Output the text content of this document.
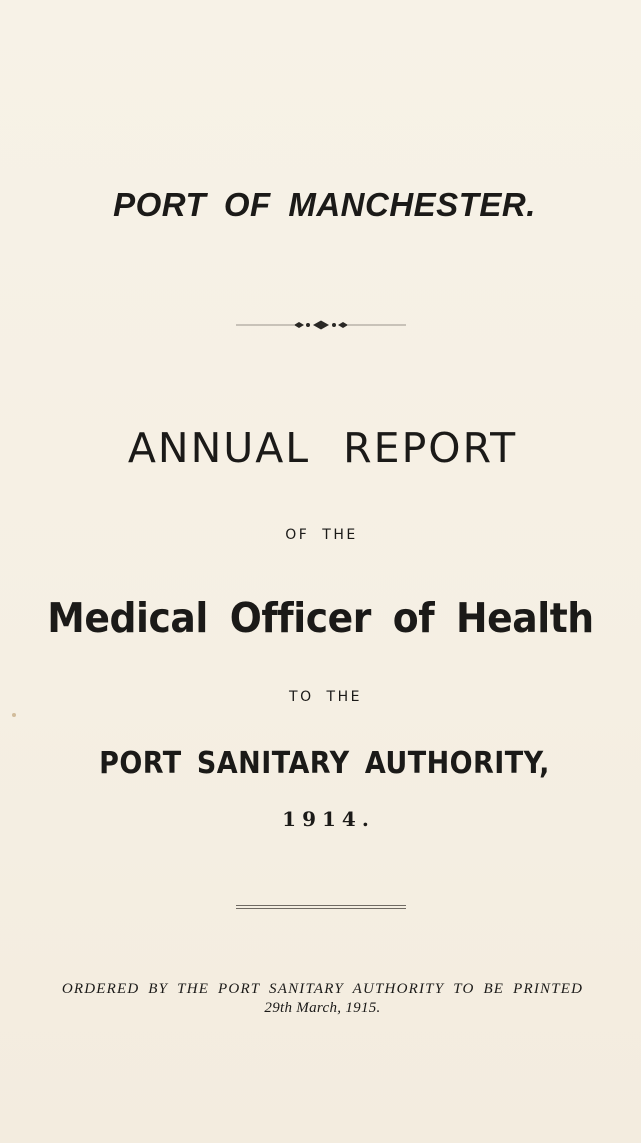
PORT OF MANCHESTER.
ANNUAL REPORT
OF THE
Medical Officer of Health
TO THE
PORT SANITARY AUTHORITY,
1914.
ORDERED BY THE PORT SANITARY AUTHORITY TO BE PRINTED
29th March, 1915.
